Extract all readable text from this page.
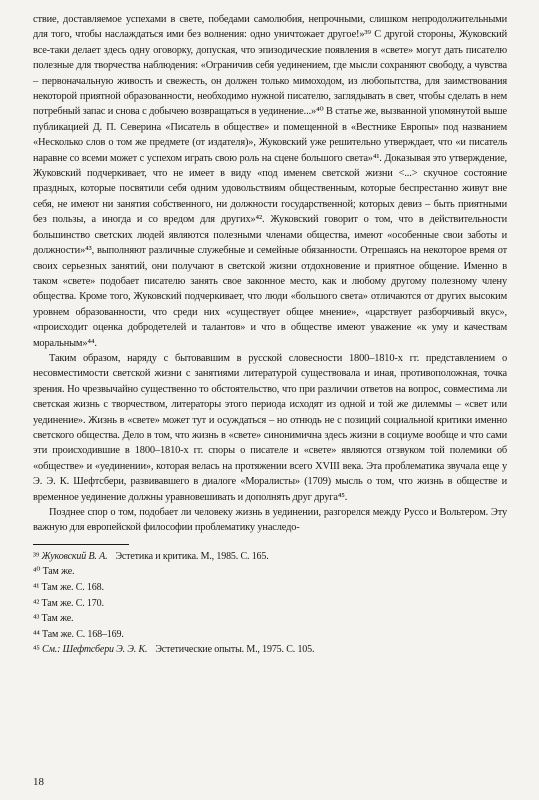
ствие, доставляемое успехами в свете, победами самолюбия, непрочными, слишком непродолжительными для того, чтобы наслаждаться ими без волнения: одно уничтожает другое!»³⁹ С другой стороны, Жуковский все-таки делает здесь одну оговорку, допуская, что эпизодические появления в «свете» могут дать писателю полезные для творчества наблюдения: «Ограничив себя уединением, где мысли сохраняют свободу, а чувства – первоначальную живость и свежесть, он должен только мимоходом, из любопытства, для заимствования некоторой приятной образованности, необходимо нужной писателю, заглядывать в свет, чтобы сделать в нем потребный запас и снова с добычею возвращаться в уединение...»⁴⁰ В статье же, вызванной упомянутой выше публикацией Д. П. Северина «Писатель в обществе» и помещенной в «Вестнике Европы» под названием «Несколько слов о том же предмете (от издателя)», Жуковский уже решительно утверждает, что «и писатель наравне со всеми может с успехом играть свою роль на сцене большого света»⁴¹. Доказывая это утверждение, Жуковский подчеркивает, что не имеет в виду «под именем светской жизни <...> скучное состояние праздных, которые посвятили себя одним удовольствиям общественным, которые беспрестанно живут вне себя, не имеют ни занятия собственного, ни должности государственной; которых девиз – быть приятными без пользы, а иногда и со вредом для других»⁴². Жуковский говорит о том, что в действительности большинство светских людей являются полезными членами общества, имеют «особенные свои заботы и должности»⁴³, выполняют различные служебные и семейные обязанности. Отрешаясь на некоторое время от своих серьезных занятий, они получают в светской жизни отдохновение и приятное общение. Именно в таком «свете» подобает писателю занять свое законное место, как и любому другому полезному члену общества. Кроме того, Жуковский подчеркивает, что люди «большого света» отличаются от других высоким уровнем образованности, что среди них «существует общее мнение», «царствует разборчивый вкус», «происходит оценка добродетелей и талантов» и что в обществе имеют уважение «к уму и качествам моральным»⁴⁴.

Таким образом, наряду с бытовавшим в русской словесности 1800–1810-х гг. представлением о несовместимости светской жизни с занятиями литературой существовала и иная, противоположная, точка зрения. Но чрезвычайно существенно то обстоятельство, что при различии ответов на вопрос, совместима ли светская жизнь с творчеством, литераторы этого периода исходят из одной и той же дилеммы – «свет или уединение». Жизнь в «свете» может тут и осуждаться – но отнюдь не с позиций социальной критики именно светского общества. Дело в том, что жизнь в «свете» синонимична здесь жизни в социуме вообще и что сами эти происходившие в 1800–1810-х гг. споры о писателе и «свете» являются отзвуком той полемики об «обществе» и «уединении», которая велась на протяжении всего XVIII века. Эта проблематика звучала еще у Э. Э. К. Шефтсбери, развивавшего в диалоге «Моралисты» (1709) мысль о том, что жизнь в обществе и временное уединение должны уравновешивать и дополнять друг друга⁴⁵.

Позднее спор о том, подобает ли человеку жизнь в уединении, разгорелся между Руссо и Вольтером. Эту важную для европейской философии проблематику унаследо-

³⁹ Жуковский В. А. Эстетика и критика. М., 1985. С. 165.
⁴⁰ Там же.
⁴¹ Там же. С. 168.
⁴² Там же. С. 170.
⁴³ Там же.
⁴⁴ Там же. С. 168–169.
⁴⁵ См.: Шефтсбери Э. Э. К. Эстетические опыты. М., 1975. С. 105.
18
